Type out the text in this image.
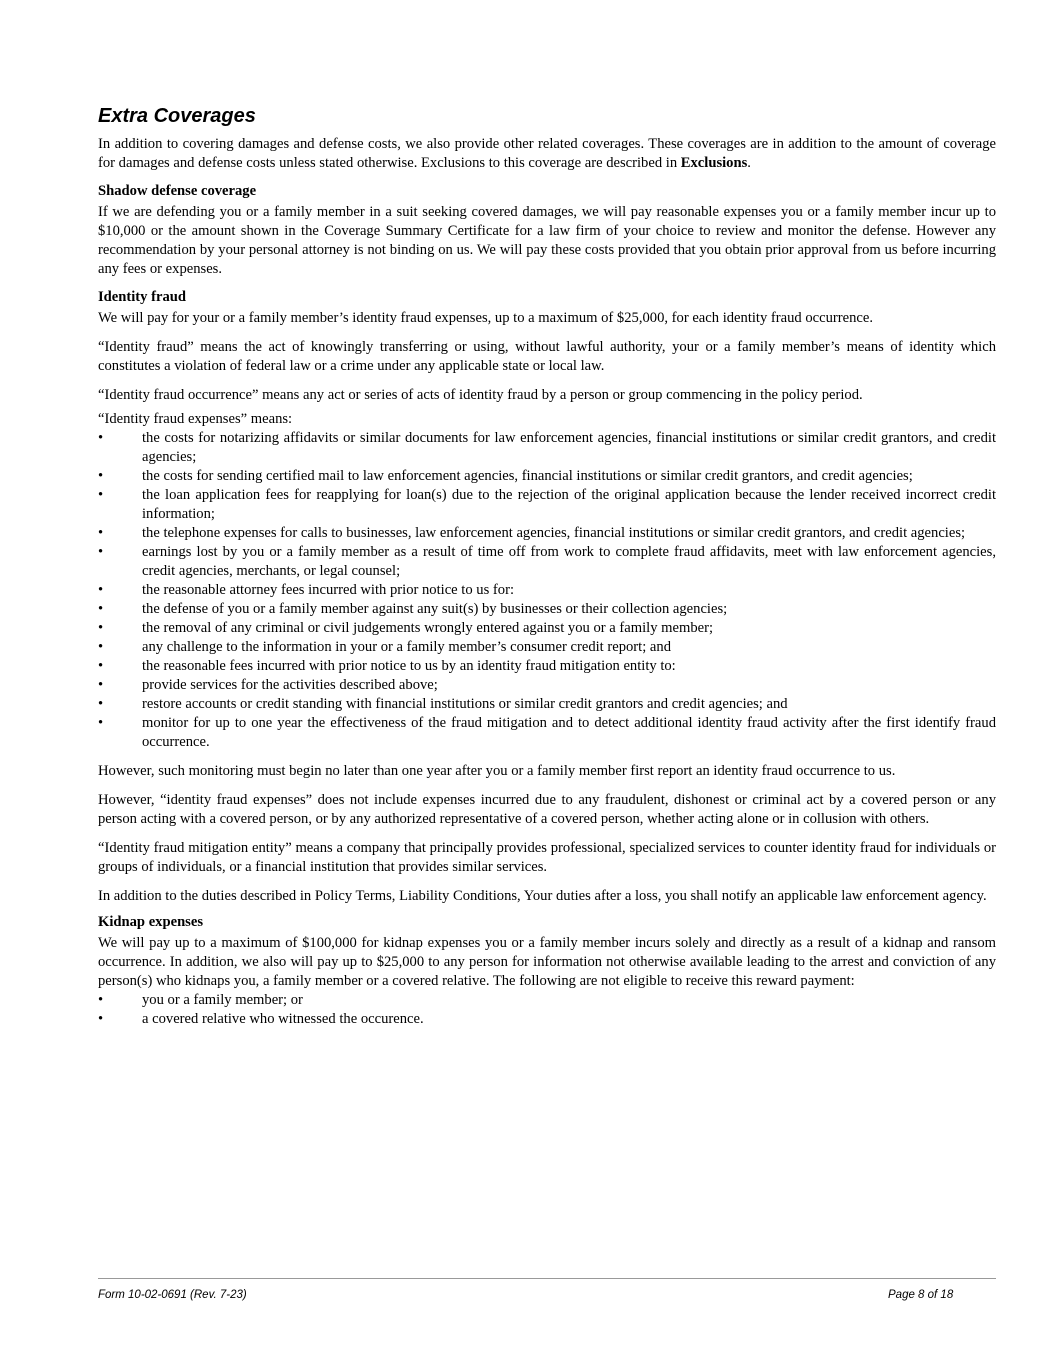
Extra Coverages

In addition to covering damages and defense costs, we also provide other related coverages. These coverages are in addition to the amount of coverage for damages and defense costs unless stated otherwise. Exclusions to this coverage are described in Exclusions.

Shadow defense coverage

If we are defending you or a family member in a suit seeking covered damages, we will pay reasonable expenses you or a family member incur up to $10,000 or the amount shown in the Coverage Summary Certificate for a law firm of your choice to review and monitor the defense. However any recommendation by your personal attorney is not binding on us. We will pay these costs provided that you obtain prior approval from us before incurring any fees or expenses.

Identity fraud

We will pay for your or a family member’s identity fraud expenses, up to a maximum of $25,000, for each identity fraud occurrence.

“Identity fraud” means the act of knowingly transferring or using, without lawful authority, your or a family member’s means of identity which constitutes a violation of federal law or a crime under any applicable state or local law.

“Identity fraud occurrence” means any act or series of acts of identity fraud by a person or group commencing in the policy period.

“Identity fraud expenses” means:

•	the costs for notarizing affidavits or similar documents for law enforcement agencies, financial institutions or similar credit grantors, and credit agencies;
•	the costs for sending certified mail to law enforcement agencies, financial institutions or similar credit grantors, and credit agencies;
•	the loan application fees for reapplying for loan(s) due to the rejection of the original application because the lender received incorrect credit information;
•	the telephone expenses for calls to businesses, law enforcement agencies, financial institutions or similar credit grantors, and credit agencies;
•	earnings lost by you or a family member as a result of time off from work to complete fraud affidavits, meet with law enforcement agencies, credit agencies, merchants, or legal counsel;
•	the reasonable attorney fees incurred with prior notice to us for:
•	the defense of you or a family member against any suit(s) by businesses or their collection agencies;
•	the removal of any criminal or civil judgements wrongly entered against you or a family member;
•	any challenge to the information in your or a family member’s consumer credit report; and
•	the reasonable fees incurred with prior notice to us by an identity fraud mitigation entity to:
•	provide services for the activities described above;
•	restore accounts or credit standing with financial institutions or similar credit grantors and credit agencies; and
•	monitor for up to one year the effectiveness of the fraud mitigation and to detect additional identity fraud activity after the first identify fraud occurrence.

However, such monitoring must begin no later than one year after you or a family member first report an identity fraud occurrence to us.

However, “identity fraud expenses” does not include expenses incurred due to any fraudulent, dishonest or criminal act by a covered person or any person acting with a covered person, or by any authorized representative of a covered person, whether acting alone or in collusion with others.

“Identity fraud mitigation entity” means a company that principally provides professional, specialized services to counter identity fraud for individuals or groups of individuals, or a financial institution that provides similar services.

In addition to the duties described in Policy Terms, Liability Conditions, Your duties after a loss, you shall notify an applicable law enforcement agency.

Kidnap expenses

We will pay up to a maximum of $100,000 for kidnap expenses you or a family member incurs solely and directly as a result of a kidnap and ransom occurrence. In addition, we also will pay up to $25,000 to any person for information not otherwise available leading to the arrest and conviction of any person(s) who kidnaps you, a family member or a covered relative. The following are not eligible to receive this reward payment:

•	you or a family member; or
•	a covered relative who witnessed the occurence.
Form 10-02-0691 (Rev. 7-23)	Page 8 of 18
